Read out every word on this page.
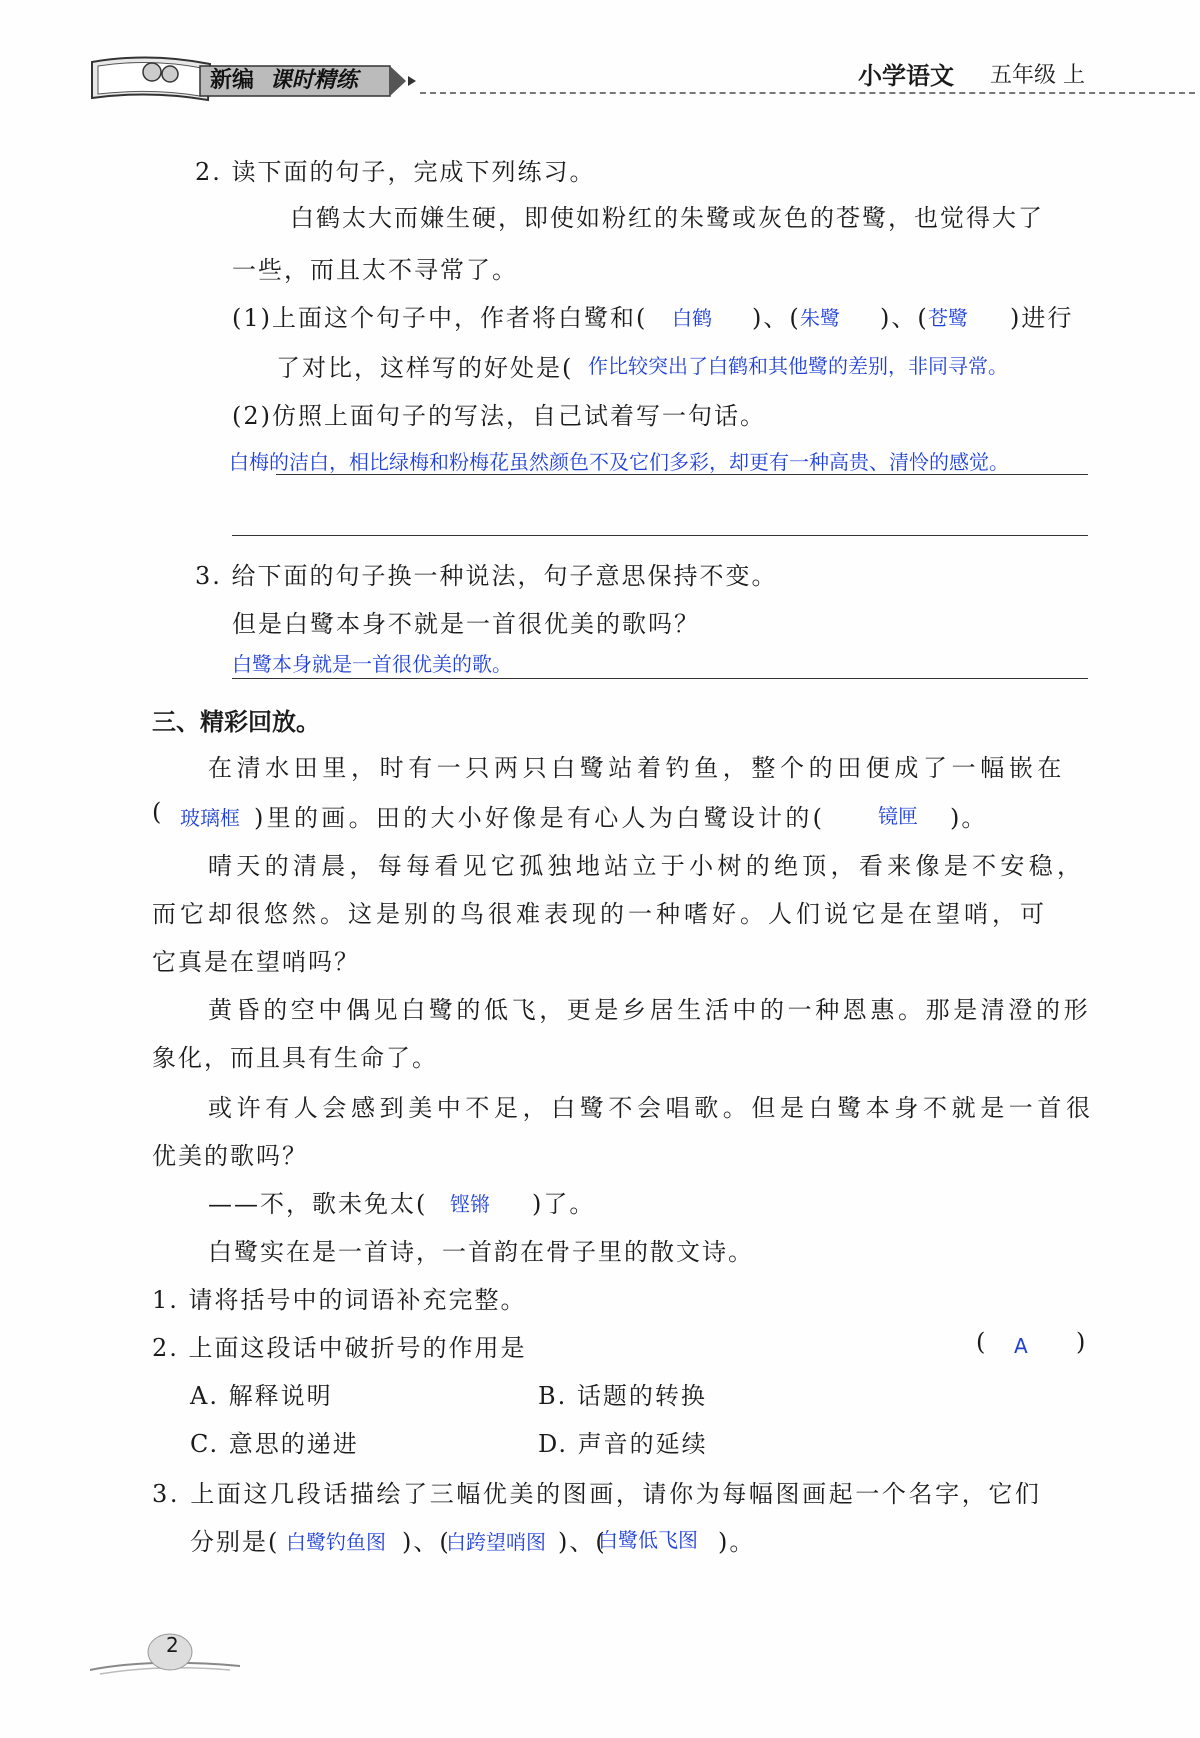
新编 课时精练	小学语文 五年级 上
2. 读下面的句子，完成下列练习。
白鹤太大而嫌生硬，即使如粉红的朱鹭或灰色的苍鹭，也觉得大了
一些，而且太不寻常了。
(1)上面这个句子中，作者将白鹭和( 白鹤 )、( 朱鹭 )、( 苍鹭 )进行
了对比，这样写的好处是( 作比较突出了白鹤和其他鹭的差别，非同寻常。
(2)仿照上面句子的写法，自己试着写一句话。
白梅的洁白，相比绿梅和粉梅花虽然颜色不及它们多彩，却更有一种高贵、清怜的感觉。
3. 给下面的句子换一种说法，句子意思保持不变。
但是白鹭本身不就是一首很优美的歌吗？
白鹭本身就是一首很优美的歌。
三、精彩回放。
在清水田里，时有一只两只白鹭站着钓鱼，整个的田便成了一幅嵌在
( 玻璃框 )里的画。田的大小好像是有心人为白鹭设计的(	镜匣 )。
晴天的清晨，每每看见它孤独地站立于小树的绝顶，看来像是不安稳，
而它却很悠然。这是别的鸟很难表现的一种嗜好。人们说它是在望哨，可
它真是在望哨吗？
黄昏的空中偶见白鹭的低飞，更是乡居生活中的一种恩惠。那是清澄的形
象化，而且具有生命了。
或许有人会感到美中不足，白鹭不会唱歌。但是白鹭本身不就是一首很
优美的歌吗？
——不，歌未免太( 铿锵 )了。
白鹭实在是一首诗，一首韵在骨子里的散文诗。
1. 请将括号中的词语补充完整。
2. 上面这段话中破折号的作用是	( A )
A. 解释说明	B. 话题的转换
C. 意思的递进	D. 声音的延续
3. 上面这几段话描绘了三幅优美的图画，请你为每幅图画起一个名字，它们
分别是( 白鹭钓鱼图 )、(
白跨望哨图 )、(
白鹭低飞图 )。
2
